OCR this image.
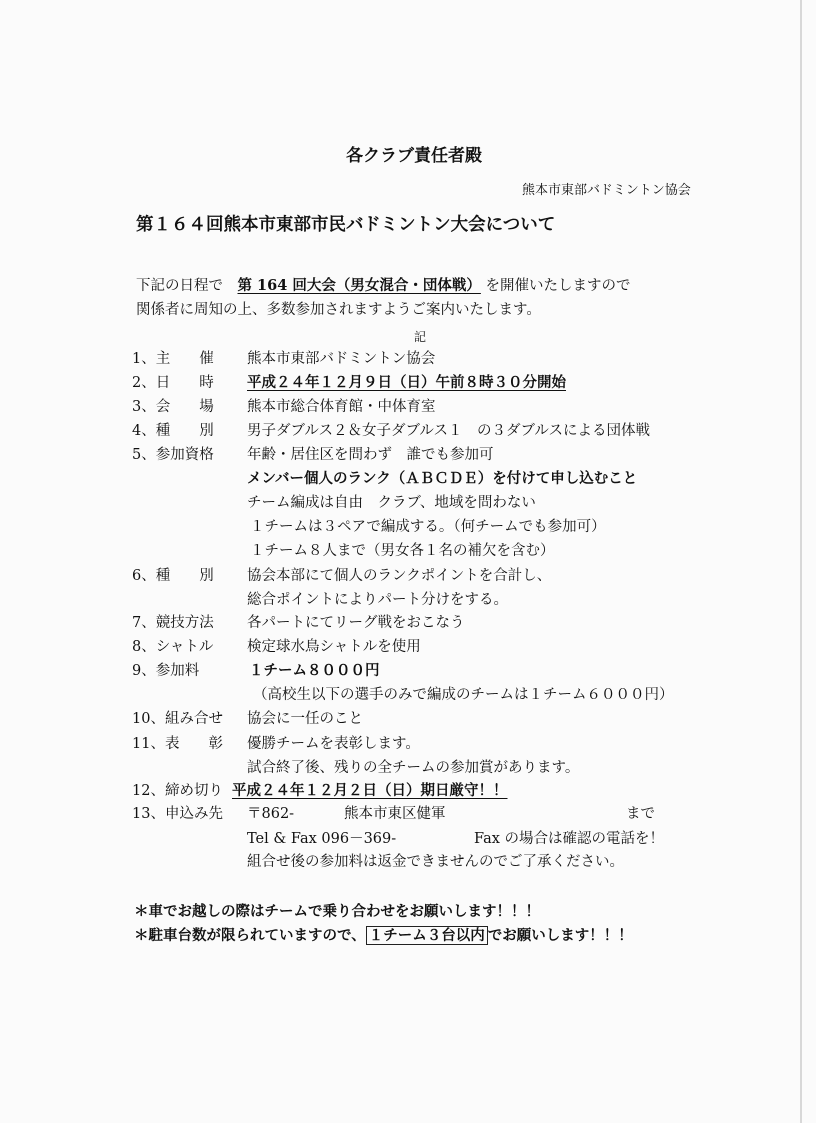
各クラブ責任者殿
熊本市東部バドミントン協会
第１６４回熊本市東部市民バドミントン大会について
下記の日程で　 第 164 回大会（男女混合・団体戦） を開催いたしますので
関係者に周知の上、多数参加されますようご案内いたします。
記
1、主　　催	熊本市東部バドミントン協会
2、日　　時	平成２４年１２月９日（日）午前８時３０分開始
3、会　　場	熊本市総合体育館・中体育室
4、種　　別	男子ダブルス２＆女子ダブルス１　の３ダブルスによる団体戦
5、参加資格	年齢・居住区を問わず　誰でも参加可
メンバー個人のランク（ＡＢＣＤＥ）を付けて申し込むこと
チーム編成は自由　クラブ、地域を問わない
１チームは３ペアで編成する。（何チームでも参加可）
１チーム８人まで（男女各１名の補欠を含む）
6、種　　別	協会本部にて個人のランクポイントを合計し、
総合ポイントによりパート分けをする。
7、競技方法	各パートにてリーグ戦をおこなう
8、シャトル	検定球水鳥シャトルを使用
9、参加料	１チーム８０００円
（高校生以下の選手のみで編成のチームは１チーム６０００円）
10、組み合せ	協会に一任のこと
11、表　　彰	優勝チームを表彰します。
試合終了後、残りの全チームの参加賞があります。
12、締め切り 平成２４年１２月２日（日）期日厳守！！
13、申込み先	〒862-	熊本市東区健軍	まで
Tel & Fax 096－369-	Fax の場合は確認の電話を！
組合せ後の参加料は返金できませんのでご了承ください。
＊車でお越しの際はチームで乗り合わせをお願いします！！！
＊駐車台数が限られていますので、 １チーム３台以内 でお願いします！！！
